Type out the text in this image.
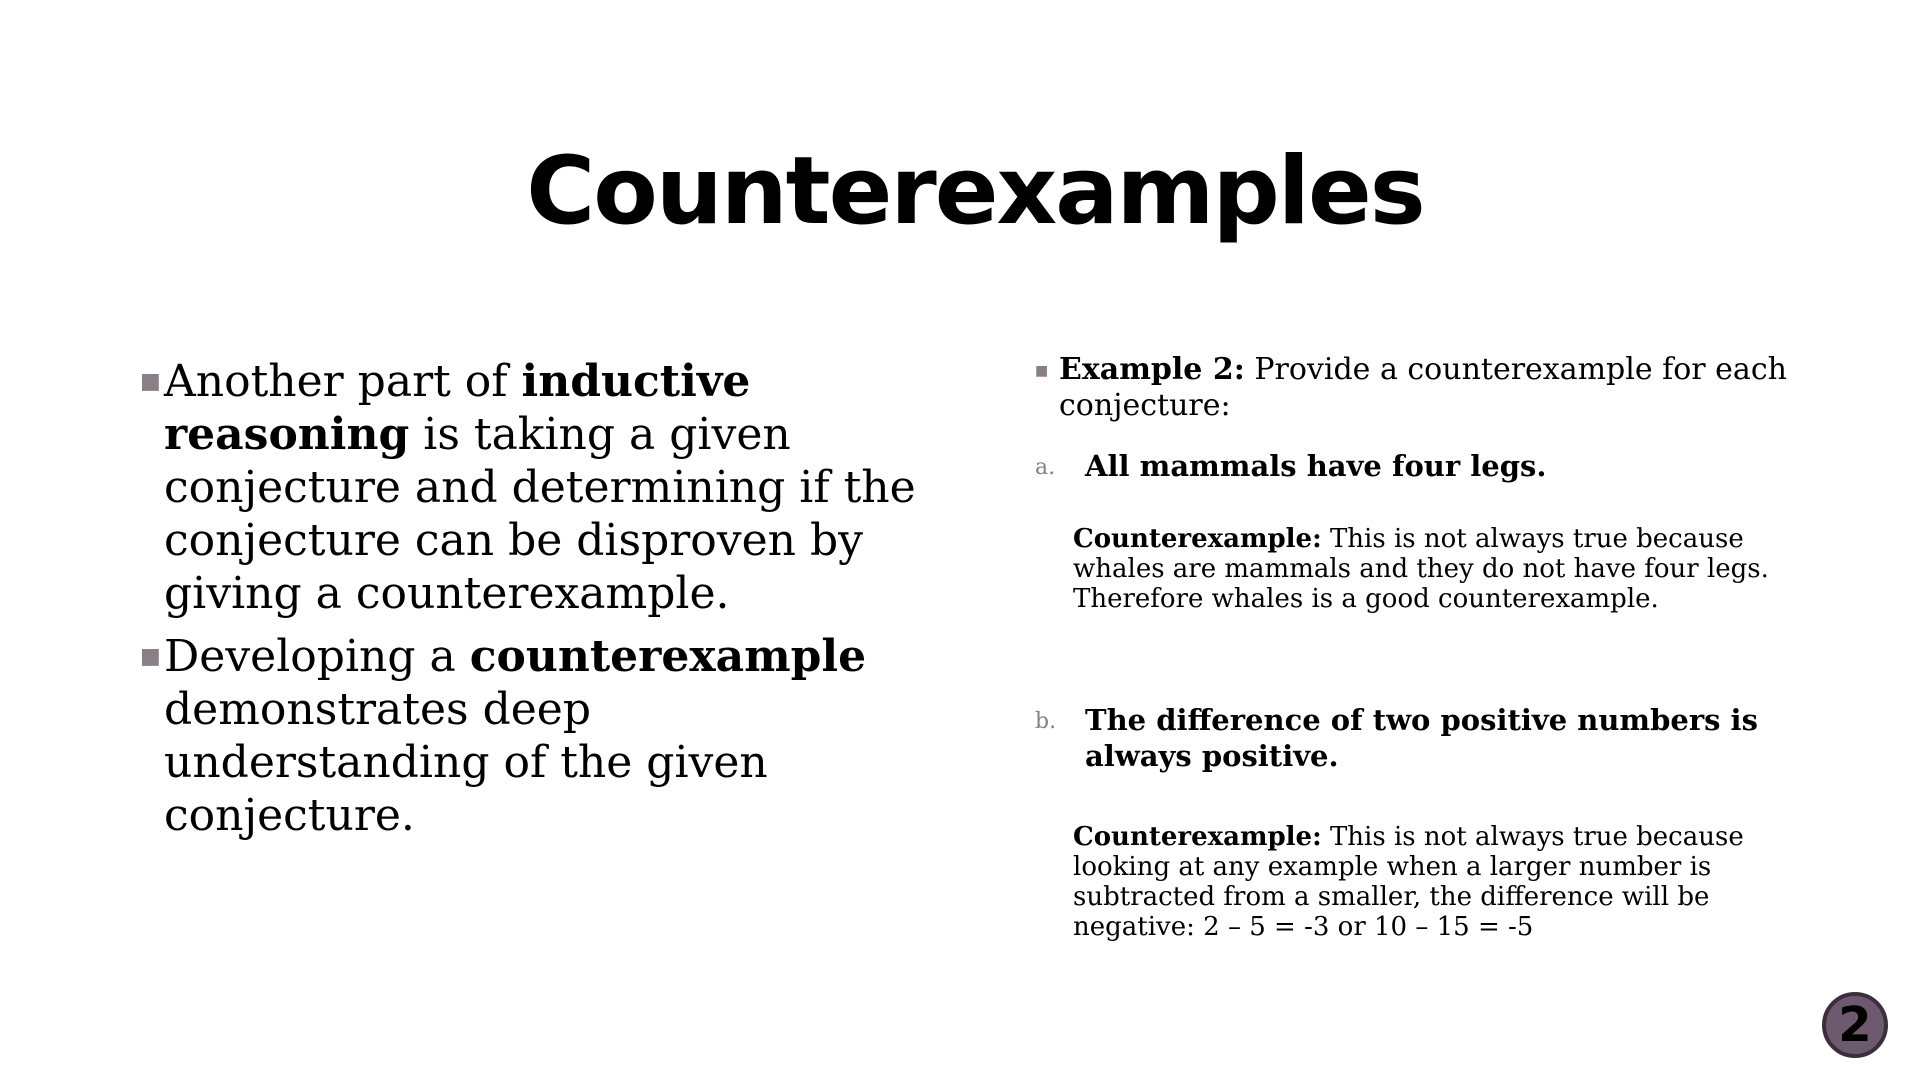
Counterexamples
■ Another part of inductive reasoning is taking a given conjecture and determining if the conjecture can be disproven by giving a counterexample.
■ Developing a counterexample demonstrates deep understanding of the given conjecture.
■ Example 2: Provide a counterexample for each conjecture:
a. All mammals have four legs.
Counterexample: This is not always true because whales are mammals and they do not have four legs. Therefore whales is a good counterexample.
b. The difference of two positive numbers is always positive.
Counterexample: This is not always true because looking at any example when a larger number is subtracted from a smaller, the difference will be negative: 2 – 5 = -3 or 10 – 15 = -5
2
